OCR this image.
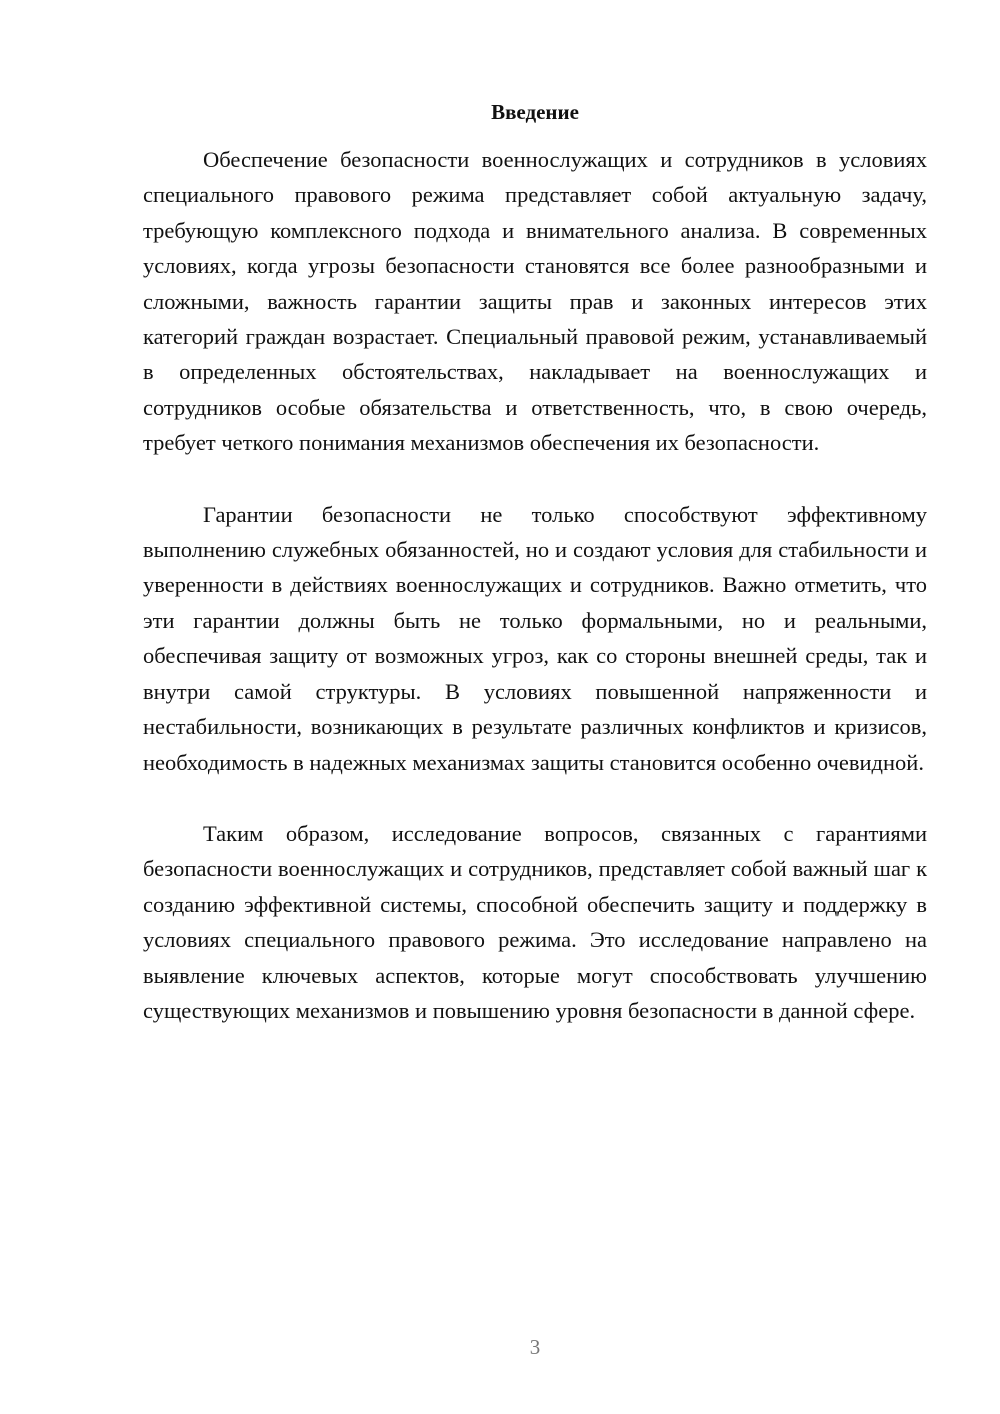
Введение

Обеспечение безопасности военнослужащих и сотрудников в условиях специального правового режима представляет собой актуальную задачу, требующую комплексного подхода и внимательного анализа. В современных условиях, когда угрозы безопасности становятся все более разнообразными и сложными, важность гарантии защиты прав и законных интересов этих категорий граждан возрастает. Специальный правовой режим, устанавливаемый в определенных обстоятельствах, накладывает на военнослужащих и сотрудников особые обязательства и ответственность, что, в свою очередь, требует четкого понимания механизмов обеспечения их безопасности.

Гарантии безопасности не только способствуют эффективному выполнению служебных обязанностей, но и создают условия для стабильности и уверенности в действиях военнослужащих и сотрудников. Важно отметить, что эти гарантии должны быть не только формальными, но и реальными, обеспечивая защиту от возможных угроз, как со стороны внешней среды, так и внутри самой структуры. В условиях повышенной напряженности и нестабильности, возникающих в результате различных конфликтов и кризисов, необходимость в надежных механизмах защиты становится особенно очевидной.

Таким образом, исследование вопросов, связанных с гарантиями безопасности военнослужащих и сотрудников, представляет собой важный шаг к созданию эффективной системы, способной обеспечить защиту и поддержку в условиях специального правового режима. Это исследование направлено на выявление ключевых аспектов, которые могут способствовать улучшению существующих механизмов и повышению уровня безопасности в данной сфере.

3
